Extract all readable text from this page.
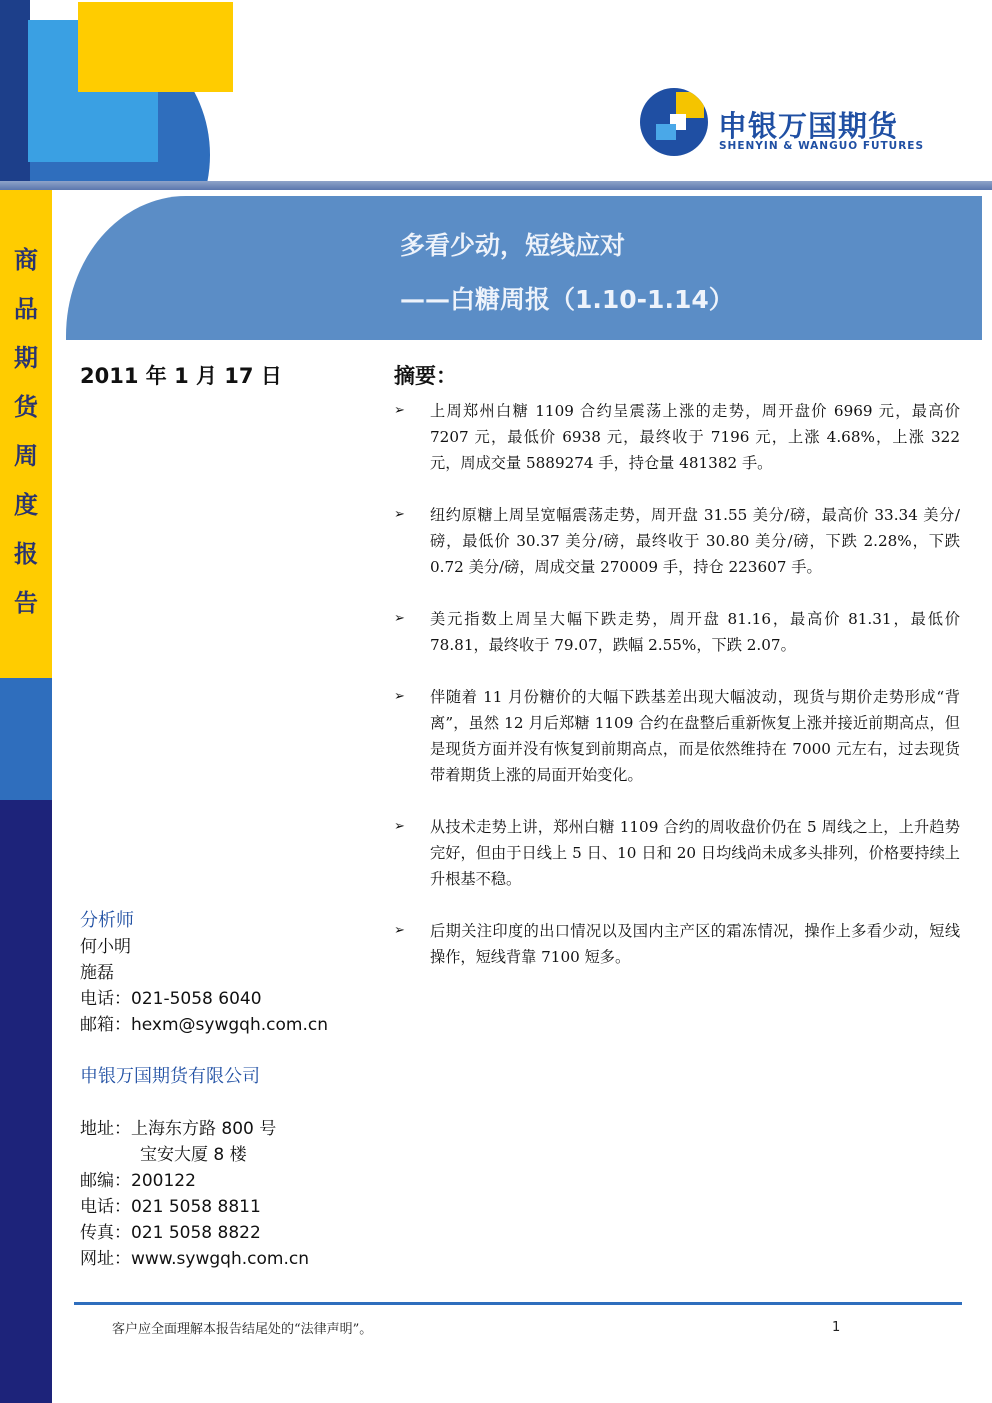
申银万国期货
SHENYIN & WANGUO FUTURES
商
品
期
货
周
度
报
告
多看少动，短线应对
——白糖周报（1.10-1.14）
2011 年 1 月 17 日
分析师
何小明
施磊
电话：021-5058 6040
邮箱：hexm@sywgqh.com.cn
申银万国期货有限公司
地址：上海东方路 800 号
宝安大厦 8 楼
邮编：200122
电话：021 5058 8811
传真：021 5058 8822
网址：www.sywgqh.com.cn
摘要：
➢ 上周郑州白糖 1109 合约呈震荡上涨的走势，周开盘价 6969 元，最高价 7207 元，最低价 6938 元，最终收于 7196 元，上涨 4.68%，上涨 322 元，周成交量 5889274 手，持仓量 481382 手。
➢ 纽约原糖上周呈宽幅震荡走势，周开盘 31.55 美分/磅，最高价 33.34 美分/磅，最低价 30.37 美分/磅，最终收于 30.80 美分/磅，下跌 2.28%，下跌 0.72 美分/磅，周成交量 270009 手，持仓 223607 手。
➢ 美元指数上周呈大幅下跌走势，周开盘 81.16，最高价 81.31，最低价 78.81，最终收于 79.07，跌幅 2.55%，下跌 2.07。
➢ 伴随着 11 月份糖价的大幅下跌基差出现大幅波动，现货与期价走势形成“背离”，虽然 12 月后郑糖 1109 合约在盘整后重新恢复上涨并接近前期高点，但是现货方面并没有恢复到前期高点，而是依然维持在 7000 元左右，过去现货带着期货上涨的局面开始变化。
➢ 从技术走势上讲，郑州白糖 1109 合约的周收盘价仍在 5 周线之上，上升趋势完好，但由于日线上 5 日、10 日和 20 日均线尚未成多头排列，价格要持续上升根基不稳。
➢ 后期关注印度的出口情况以及国内主产区的霜冻情况，操作上多看少动，短线操作，短线背靠 7100 短多。
客户应全面理解本报告结尾处的“法律声明”。	1
